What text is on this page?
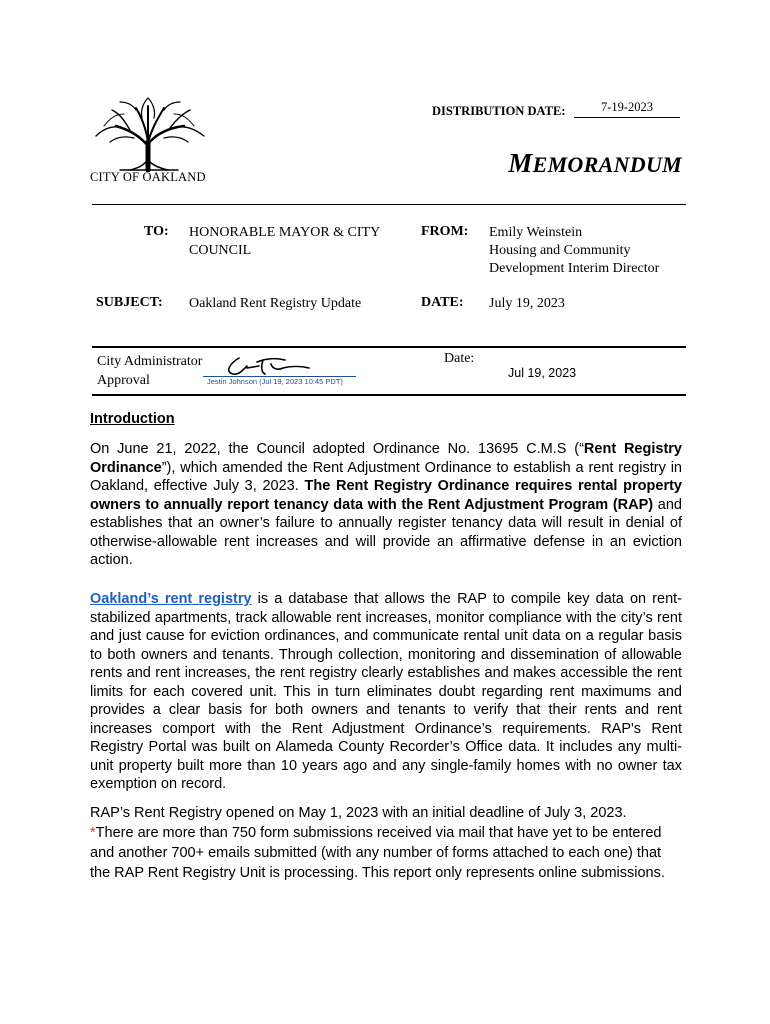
CITY OF OAKLAND
DISTRIBUTION DATE:	7-19-2023
MEMORANDUM
TO: HONORABLE MAYOR & CITY COUNCIL
FROM: Emily Weinstein
Housing and Community
Development Interim Director
SUBJECT: Oakland Rent Registry Update	DATE: July 19, 2023
City Administrator
Approval	Jestin Johnson (Jul 19, 2023 10:45 PDT)
Date:
Jul 19, 2023
Introduction
On June 21, 2022, the Council adopted Ordinance No. 13695 C.M.S (“Rent Registry Ordinance”), which amended the Rent Adjustment Ordinance to establish a rent registry in Oakland, effective July 3, 2023. The Rent Registry Ordinance requires rental property owners to annually report tenancy data with the Rent Adjustment Program (RAP) and establishes that an owner’s failure to annually register tenancy data will result in denial of otherwise-allowable rent increases and will provide an affirmative defense in an eviction action.
Oakland’s rent registry is a database that allows the RAP to compile key data on rent-stabilized apartments, track allowable rent increases, monitor compliance with the city’s rent and just cause for eviction ordinances, and communicate rental unit data on a regular basis to both owners and tenants. Through collection, monitoring and dissemination of allowable rents and rent increases, the rent registry clearly establishes and makes accessible the rent limits for each covered unit. This in turn eliminates doubt regarding rent maximums and provides a clear basis for both owners and tenants to verify that their rents and rent increases comport with the Rent Adjustment Ordinance’s requirements. RAP's Rent Registry Portal was built on Alameda County Recorder’s Office data. It includes any multi-unit property built more than 10 years ago and any single-family homes with no owner tax exemption on record.
RAP’s Rent Registry opened on May 1, 2023 with an initial deadline of July 3, 2023.
*There are more than 750 form submissions received via mail that have yet to be entered and another 700+ emails submitted (with any number of forms attached to each one) that the RAP Rent Registry Unit is processing. This report only represents online submissions.
